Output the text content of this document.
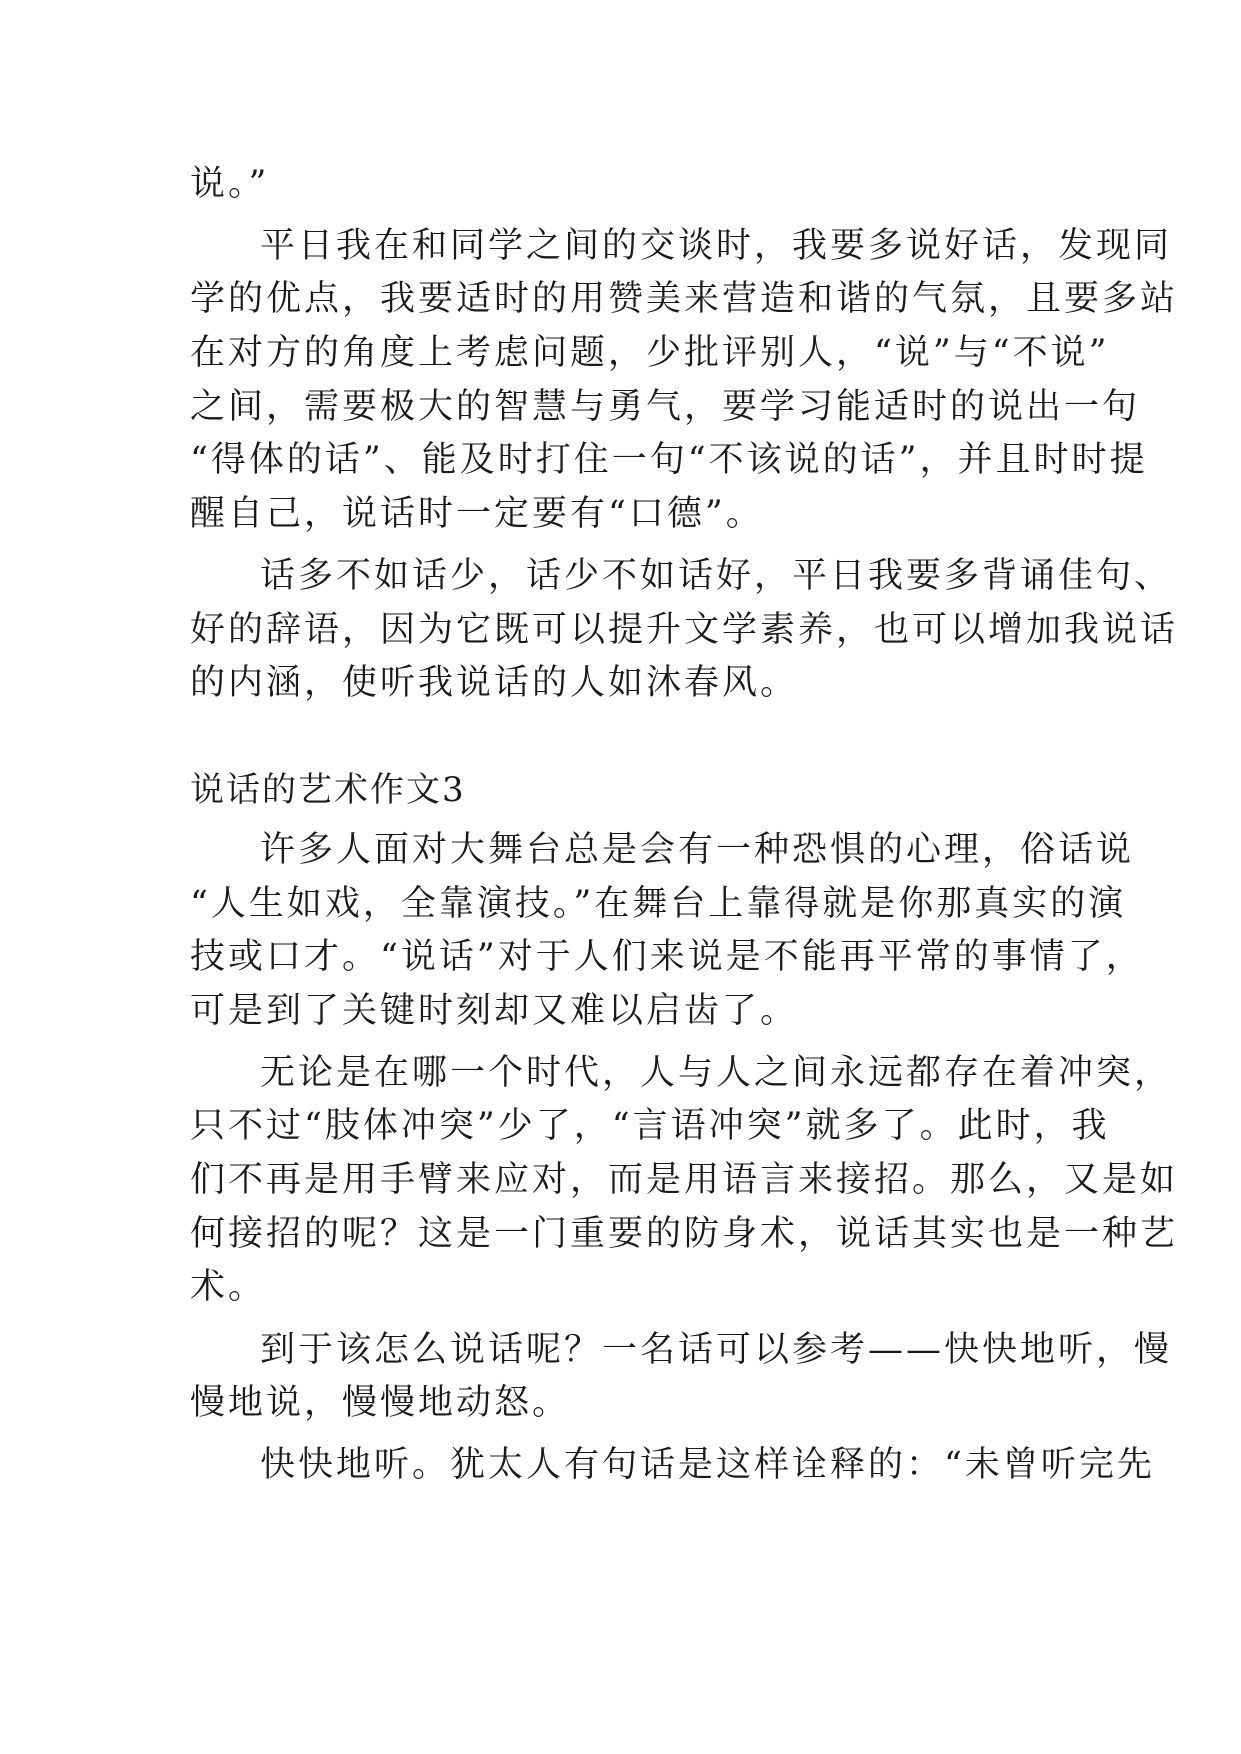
说。”
平日我在和同学之间的交谈时，我要多说好话，发现同
学的优点，我要适时的用赞美来营造和谐的气氛，且要多站
在对方的角度上考虑问题，少批评别人，“说”与“不说”
之间，需要极大的智慧与勇气，要学习能适时的说出一句
“得体的话”、能及时打住一句“不该说的话”，并且时时提
醒自己，说话时一定要有“口德”。
话多不如话少，话少不如话好，平日我要多背诵佳句、
好的辞语，因为它既可以提升文学素养，也可以增加我说话
的内涵，使听我说话的人如沐春风。
说话的艺术作文3
许多人面对大舞台总是会有一种恐惧的心理，俗话说
“人生如戏，全靠演技。”在舞台上靠得就是你那真实的演
技或口才。“说话”对于人们来说是不能再平常的事情了，
可是到了关键时刻却又难以启齿了。
无论是在哪一个时代，人与人之间永远都存在着冲突，
只不过“肢体冲突”少了，“言语冲突”就多了。此时，我
们不再是用手臂来应对，而是用语言来接招。那么，又是如
何接招的呢？这是一门重要的防身术，说话其实也是一种艺
术。
到于该怎么说话呢？一名话可以参考——快快地听，慢
慢地说，慢慢地动怒。
快快地听。犹太人有句话是这样诠释的：“未曾听完先
